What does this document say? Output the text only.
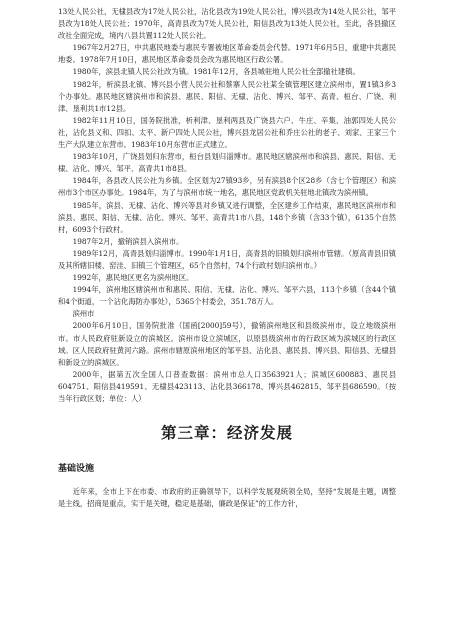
13处人民公社，无棣县改为17处人民公社，沾化县改为19处人民公社，博兴县改为14处人民公社，邹平县改为18处人民公社；1970年，高青县改为7处人民公社，阳信县改为13处人民公社，至此，各县撤区改社全面完成，境内八县共置112处人民公社。

1967年2月27日，中共惠民地委与惠民专署被地区革命委员会代替。1971年6月5日，重建中共惠民地委。1978年7月10日，惠民地区革命委员会改为惠民地区行政公署。

1980年，滨县北镇人民公社改为镇。1981年12月，各县城驻地人民公社全部撤社建镇。

1982年，析滨县北镇、博兴县小营人民公社和蔡寨人民公社某全镇管理区建立滨州市，置1镇3乡3个办事处。惠民地区辖滨州市和滨县、惠民、阳信、无棣、沾化、博兴、邹平、高青、桓台、广饶、利津、垦利共1市12县。

1982年11月10日，国务院批准，析利津、垦利两县及广饶县六户、牛庄、辛集、油郭四处人民公社，沾化县义和、四扣、太平、新户四处人民公社，博兴县龙居公社和乔庄公社的老子、刘家、王家三个生产大队建立东营市。1983年10月东营市正式建立。

1983年10月，广饶县划归东营市，桓台县划归淄博市。惠民地区辖滨州市和滨县、惠民、阳信、无棣、沾化、博兴、邹平、高青共1市8县。

1984年，各县改人民公社为乡镇。全区划为27镇93乡，另有滨县8个区28乡（含七个管理区）和滨州市3个市区办事处。1984年，为了与滨州市统一地名，惠民地区党政机关驻地北镇改为滨州镇。

1985年，滨县、无棣、沾化、博兴等县对乡镇又进行调整，全区建乡工作结束，惠民地区滨州市和滨县、惠民、阳信、无棣、沾化、博兴、邹平、高青共1市八县，148个乡镇（含33个镇），6135个自然村，6093个行政村。

1987年2月，撤销滨县入滨州市。

1989年12月，高青县划归淄博市。1990年1月1日，高青县的旧镇划归滨州市管辖。（原高青县旧镇及其所辖旧楼、窑洼、旧镇三个管理区，65个自然村，74个行政村划归滨州市。）

1992年，惠民地区更名为滨州地区。

1994年，滨州地区辖滨州市和惠民、阳信、无棣、沾化、博兴、邹平六县，113个乡镇（含44个镇和4个街道，一个沾化海防办事处），5365个村委会，351.78万人。

滨州市

2000年6月10日，国务院批准（国函[2000]59号），撤销滨州地区和县级滨州市，设立地级滨州市。市人民政府驻新设立的滨城区。滨州市设立滨城区，以原县级滨州市的行政区域为滨城区的行政区域。区人民政府驻黄河六路。滨州市辖原滨州地区的邹平县、沾化县、惠民县、博兴县、阳信县、无棣县和新设立的滨城区。

2000年，据第五次全国人口普查数据：滨州市总人口3563921人；滨城区600883、惠民县604751、阳信县419591、无棣县423113、沾化县366178、博兴县462815、邹平县686590。（按当年行政区划；单位：人）

第三章：经济发展
基础设施

近年来，全市上下在市委、市政府的正确领导下，以科学发展观统领全局，坚持“发展是主题，调整是主线，招商是重点，实干是关键，稳定是基础，廉政是保证”的工作方针，
